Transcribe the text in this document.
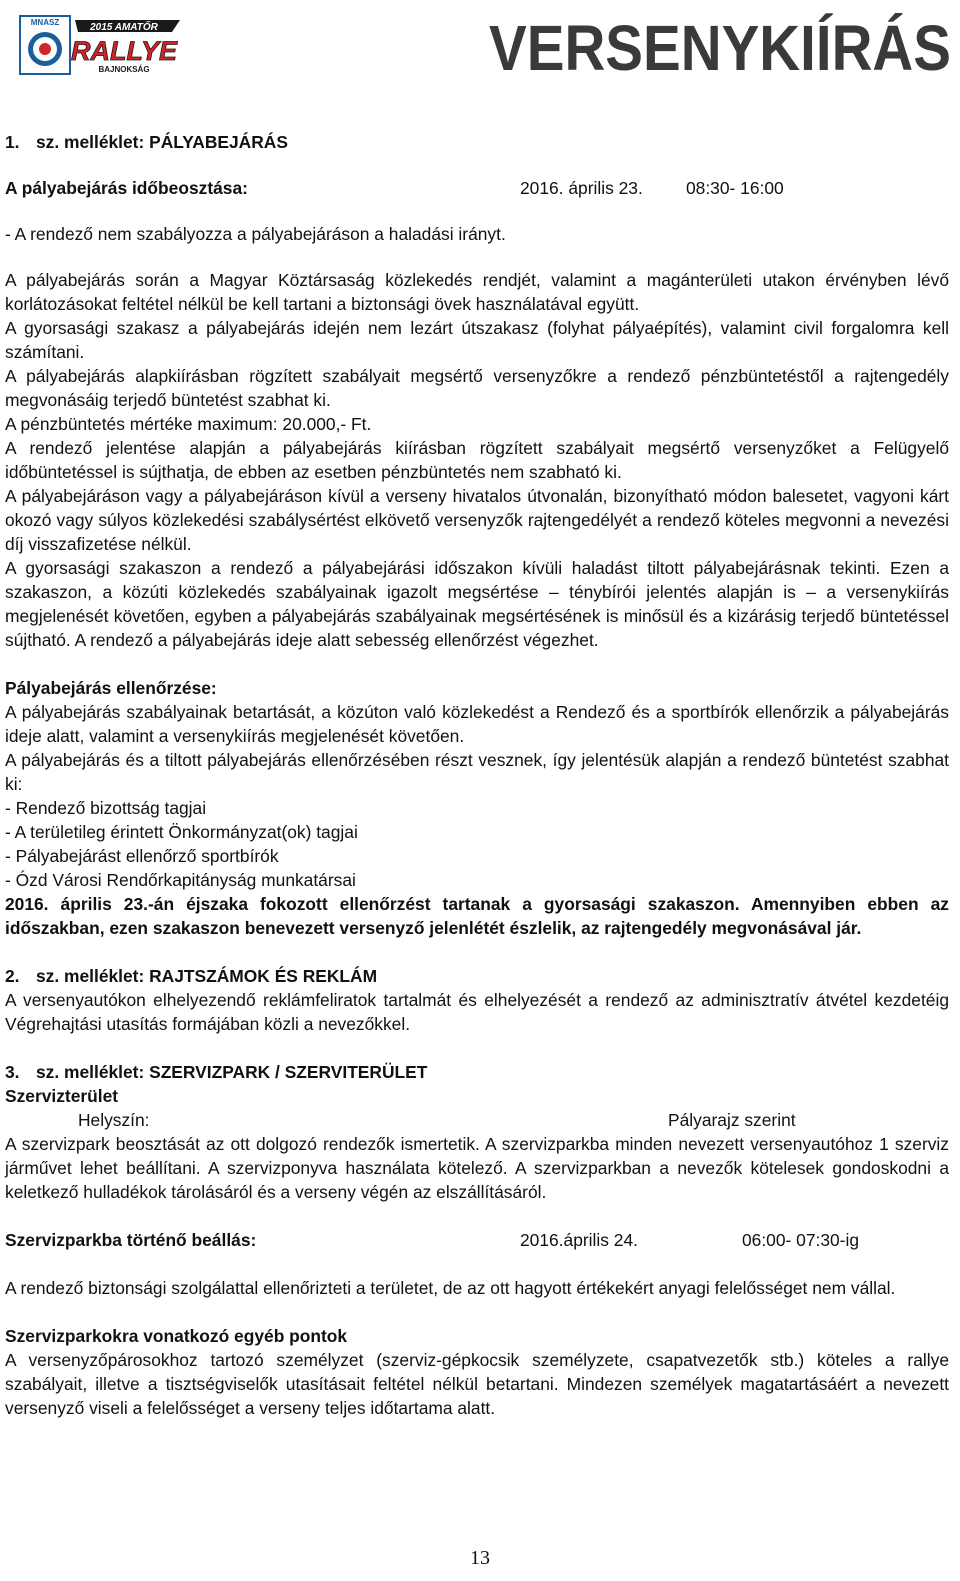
MNASZ	2015 AMATŐR
RALLYE
BAJNOKSÁG	VERSENYKIÍRÁS
1. sz. melléklet: PÁLYABEJÁRÁS
A pályabejárás időbeosztása:	2016. április 23. 08:30- 16:00

- A rendező nem szabályozza a pályabejáráson a haladási irányt.

A pályabejárás során a Magyar Köztársaság közlekedés rendjét, valamint a magánterületi utakon érvényben lévő korlátozásokat feltétel nélkül be kell tartani a biztonsági övek használatával együtt.

A gyorsasági szakasz a pályabejárás idején nem lezárt útszakasz (folyhat pályaépítés), valamint civil forgalomra kell számítani.

A pályabejárás alapkiírásban rögzített szabályait megsértő versenyzőkre a rendező pénzbüntetéstől a rajtengedély megvonásáig terjedő büntetést szabhat ki.

A pénzbüntetés mértéke maximum: 20.000,- Ft.

A rendező jelentése alapján a pályabejárás kiírásban rögzített szabályait megsértő versenyzőket a Felügyelő időbüntetéssel is sújthatja, de ebben az esetben pénzbüntetés nem szabható ki.

A pályabejáráson vagy a pályabejáráson kívül a verseny hivatalos útvonalán, bizonyítható módon balesetet, vagyoni kárt okozó vagy súlyos közlekedési szabálysértést elkövető versenyzők rajtengedélyét a rendező köteles megvonni a nevezési díj visszafizetése nélkül.

A gyorsasági szakaszon a rendező a pályabejárási időszakon kívüli haladást tiltott pályabejárásnak tekinti. Ezen a szakaszon, a közúti közlekedés szabályainak igazolt megsértése – ténybírói jelentés alapján is – a versenykiírás megjelenését követően, egyben a pályabejárás szabályainak megsértésének is minősül és a kizárásig terjedő büntetéssel sújtható. A rendező a pályabejárás ideje alatt sebesség ellenőrzést végezhet.

Pályabejárás ellenőrzése:

A pályabejárás szabályainak betartását, a közúton való közlekedést a Rendező és a sportbírók ellenőrzik a pályabejárás ideje alatt, valamint a versenykiírás megjelenését követően.

A pályabejárás és a tiltott pályabejárás ellenőrzésében részt vesznek, így jelentésük alapján a rendező büntetést szabhat ki:

- Rendező bizottság tagjai

- A területileg érintett Önkormányzat(ok) tagjai

- Pályabejárást ellenőrző sportbírók

- Ózd Városi Rendőrkapitányság munkatársai

2016. április 23.-án éjszaka fokozott ellenőrzést tartanak a gyorsasági szakaszon. Amennyiben ebben az időszakban, ezen szakaszon benevezett versenyző jelenlétét észlelik, az rajtengedély megvonásával jár.

2. sz. melléklet: RAJTSZÁMOK ÉS REKLÁM

A versenyautókon elhelyezendő reklámfeliratok tartalmát és elhelyezését a rendező az adminisztratív átvétel kezdetéig Végrehajtási utasítás formájában közli a nevezőkkel.

3. sz. melléklet: SZERVIZPARK / SZERVITERÜLET

Szervizterület

Helyszín:	Pályarajz szerint

A szervizpark beosztását az ott dolgozó rendezők ismertetik. A szervizparkba minden nevezett versenyautóhoz 1 szerviz járművet lehet beállítani. A szervizponyva használata kötelező. A szervizparkban a nevezők kötelesek gondoskodni a keletkező hulladékok tárolásáról és a verseny végén az elszállításáról.

Szervizparkba történő beállás:	2016.április 24.	06:00- 07:30-ig

A rendező biztonsági szolgálattal ellenőrizteti a területet, de az ott hagyott értékekért anyagi felelősséget nem vállal.

Szervizparkokra vonatkozó egyéb pontok

A versenyzőpárosokhoz tartozó személyzet (szerviz-gépkocsik személyzete, csapatvezetők stb.) köteles a rallye szabályait, illetve a tisztségviselők utasításait feltétel nélkül betartani. Mindezen személyek magatartásáért a nevezett versenyző viseli a felelősséget a verseny teljes időtartama alatt.

13
